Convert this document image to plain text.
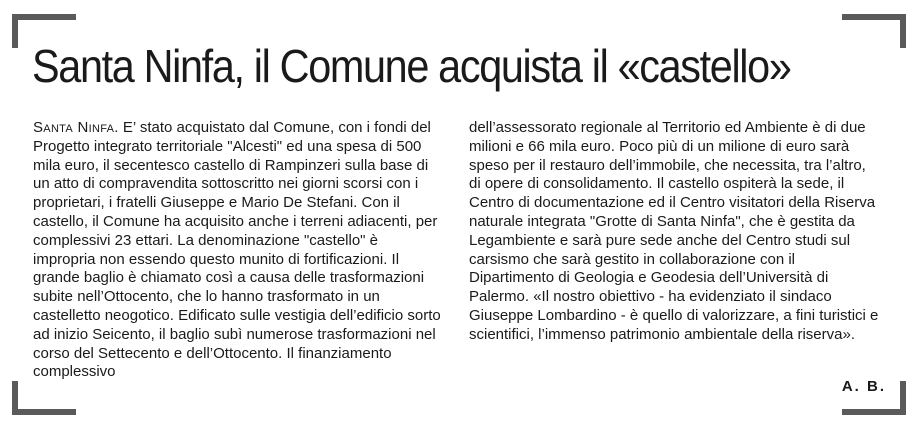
Santa Ninfa, il Comune acquista il «castello»
Santa Ninfa. E’ stato acquistato dal Comune, con i fondi del Progetto integrato territoriale "Alcesti" ed una spesa di 500 mila euro, il secentesco castello di Rampinzeri sulla base di un atto di compravendita sottoscritto nei giorni scorsi con i proprietari, i fratelli Giuseppe e Mario De Stefani. Con il castello, il Comune ha acquisito anche i terreni adiacenti, per complessivi 23 ettari. La denominazione "castello" è impropria non essendo questo munito di fortificazioni. Il grande baglio è chiamato così a causa delle trasformazioni subite nell’Ottocento, che lo hanno trasformato in un castelletto neogotico. Edificato sulle vestigia dell’edificio sorto ad inizio Seicento, il baglio subì numerose trasformazioni nel corso del Settecento e dell’Ottocento. Il finanziamento complessivo
dell’assessorato regionale al Territorio ed Ambiente è di due milioni e 66 mila euro. Poco più di un milione di euro sarà speso per il restauro dell’immobile, che necessita, tra l’altro, di opere di consolidamento. Il castello ospiterà la sede, il Centro di documentazione ed il Centro visitatori della Riserva naturale integrata "Grotte di Santa Ninfa", che è gestita da Legambiente e sarà pure sede anche del Centro studi sul carsismo che sarà gestito in collaborazione con il Dipartimento di Geologia e Geodesia dell’Università di Palermo. «Il nostro obiettivo - ha evidenziato il sindaco Giuseppe Lombardino - è quello di valorizzare, a fini turistici e scientifici, l’immenso patrimonio ambientale della riserva».
A. B.
